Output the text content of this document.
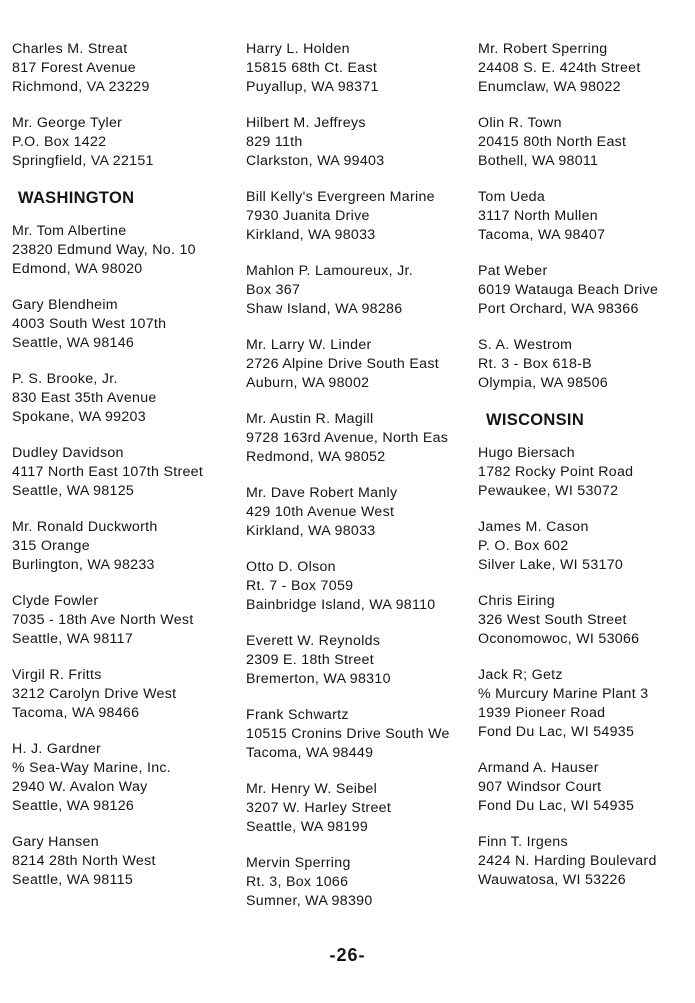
Charles M. Streat
817 Forest Avenue
Richmond, VA 23229
Mr. George Tyler
P.O. Box 1422
Springfield, VA 22151
WASHINGTON
Mr. Tom Albertine
23820 Edmund Way, No. 10
Edmond, WA 98020
Gary Blendheim
4003 South West 107th
Seattle, WA 98146
P. S. Brooke, Jr.
830 East 35th Avenue
Spokane, WA 99203
Dudley Davidson
4117 North East 107th Street
Seattle, WA 98125
Mr. Ronald Duckworth
315 Orange
Burlington, WA 98233
Clyde Fowler
7035 - 18th Ave North West
Seattle, WA 98117
Virgil R. Fritts
3212 Carolyn Drive West
Tacoma, WA 98466
H. J. Gardner
% Sea-Way Marine, Inc.
2940 W. Avalon Way
Seattle, WA 98126
Gary Hansen
8214 28th North West
Seattle, WA 98115
Harry L. Holden
15815 68th Ct. East
Puyallup, WA 98371
Hilbert M. Jeffreys
829 11th
Clarkston, WA 99403
Bill Kelly's Evergreen Marine
7930 Juanita Drive
Kirkland, WA 98033
Mahlon P. Lamoureux, Jr.
Box 367
Shaw Island, WA 98286
Mr. Larry W. Linder
2726 Alpine Drive South East
Auburn, WA 98002
Mr. Austin R. Magill
9728 163rd Avenue, North Eas
Redmond, WA 98052
Mr. Dave Robert Manly
429 10th Avenue West
Kirkland, WA 98033
Otto D. Olson
Rt. 7 - Box 7059
Bainbridge Island, WA 98110
Everett W. Reynolds
2309 E. 18th Street
Bremerton, WA 98310
Frank Schwartz
10515 Cronins Drive South We
Tacoma, WA 98449
Mr. Henry W. Seibel
3207 W. Harley Street
Seattle, WA 98199
Mervin Sperring
Rt. 3, Box 1066
Sumner, WA 98390
Mr. Robert Sperring
24408 S. E. 424th Street
Enumclaw, WA 98022
Olin R. Town
20415 80th North East
Bothell, WA 98011
Tom Ueda
3117 North Mullen
Tacoma, WA 98407
Pat Weber
6019 Watauga Beach Drive
Port Orchard, WA 98366
S. A. Westrom
Rt. 3 - Box 618-B
Olympia, WA 98506
WISCONSIN
Hugo Biersach
1782 Rocky Point Road
Pewaukee, WI 53072
James M. Cason
P. O. Box 602
Silver Lake, WI 53170
Chris Eiring
326 West South Street
Oconomowoc, WI 53066
Jack R; Getz
% Murcury Marine Plant 3
1939 Pioneer Road
Fond Du Lac, WI 54935
Armand A. Hauser
907 Windsor Court
Fond Du Lac, WI 54935
Finn T. Irgens
2424 N. Harding Boulevard
Wauwatosa, WI 53226
-26-
